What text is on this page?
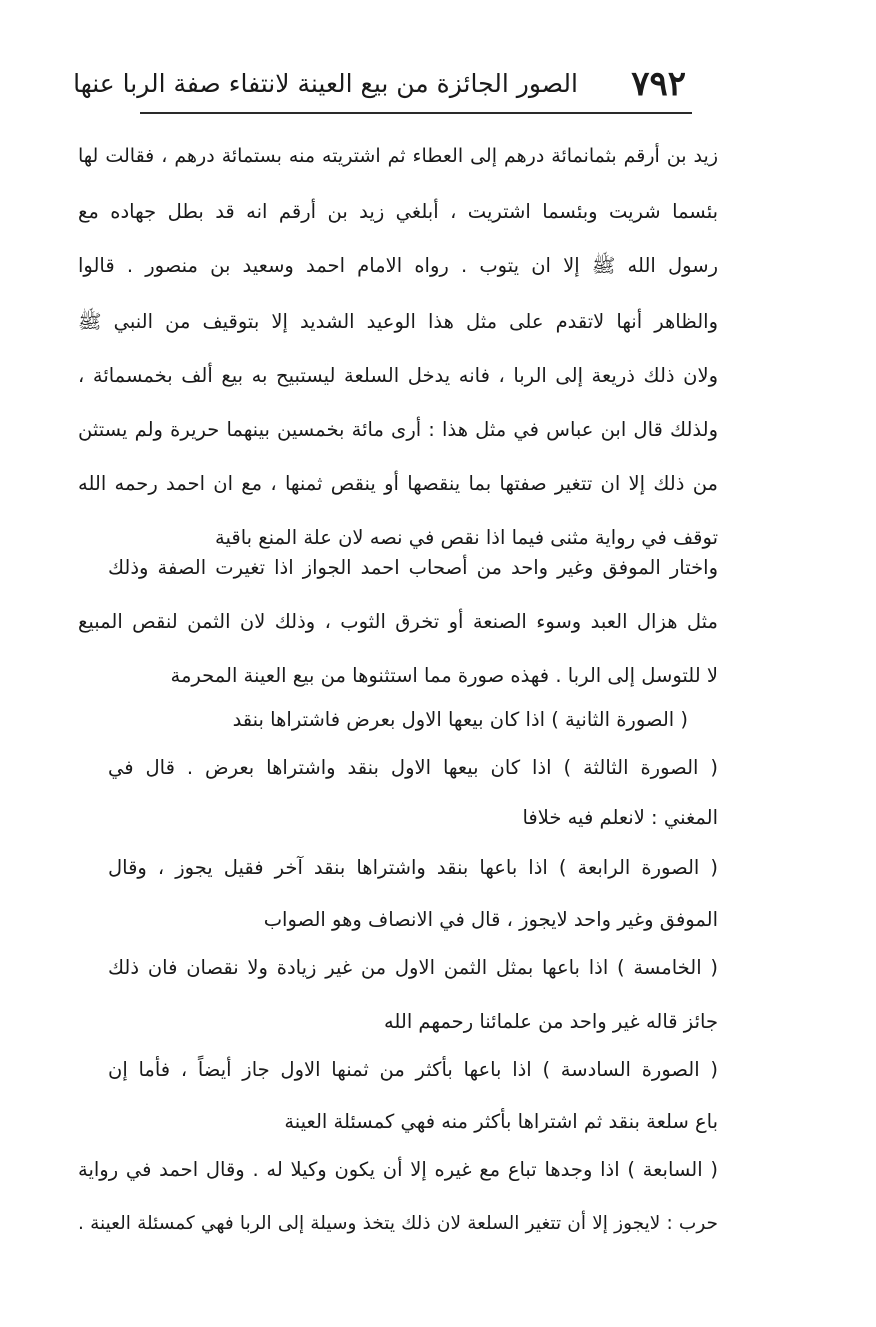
٧٩٢
الصور الجائزة من بيع العينة لانتفاء صفة الربا عنها
زيد بن أرقم بثمانمائة درهم إلى العطاء ثم اشتريته منه بستمائة درهم ، فقالت لها
بئسما شريت وبئسما اشتريت ، أبلغي زيد بن أرقم انه قد بطل جهاده مع
رسول الله ﷺ إلا ان يتوب . رواه الامام احمد وسعيد بن منصور . قالوا
والظاهر أنها لاتقدم على مثل هذا الوعيد الشديد إلا بتوقيف من النبي ﷺ
ولان ذلك ذريعة إلى الربا ، فانه يدخل السلعة ليستبيح به بيع ألف بخمسمائة ،
ولذلك قال ابن عباس في مثل هذا : أرى مائة بخمسين بينهما حريرة ولم يستثن
من ذلك إلا ان تتغير صفتها بما ينقصها أو ينقص ثمنها ، مع ان احمد رحمه الله
توقف في رواية مثنى فيما اذا نقص في نصه لان علة المنع باقية
واختار الموفق وغير واحد من أصحاب احمد الجواز اذا تغيرت الصفة وذلك
مثل هزال العبد وسوء الصنعة أو تخرق الثوب ، وذلك لان الثمن لنقص المبيع
لا للتوسل إلى الربا . فهذه صورة مما استثنوها من بيع العينة المحرمة
( الصورة الثانية ) اذا كان بيعها الاول بعرض فاشتراها بنقد
( الصورة الثالثة ) اذا كان بيعها الاول بنقد واشتراها بعرض . قال في
المغني : لانعلم فيه خلافا
( الصورة الرابعة ) اذا باعها بنقد واشتراها بنقد آخر فقيل يجوز ، وقال
الموفق وغير واحد لايجوز ، قال في الانصاف وهو الصواب
( الخامسة ) اذا باعها بمثل الثمن الاول من غير زيادة ولا نقصان فان ذلك
جائز قاله غير واحد من علمائنا رحمهم الله
( الصورة السادسة ) اذا باعها بأكثر من ثمنها الاول جاز أيضاً ، فأما إن
باع سلعة بنقد ثم اشتراها بأكثر منه فهي كمسئلة العينة
( السابعة ) اذا وجدها تباع مع غيره إلا أن يكون وكيلا له . وقال احمد في رواية
حرب : لايجوز إلا أن تتغير السلعة لان ذلك يتخذ وسيلة إلى الربا فهي كمسئلة العينة .
